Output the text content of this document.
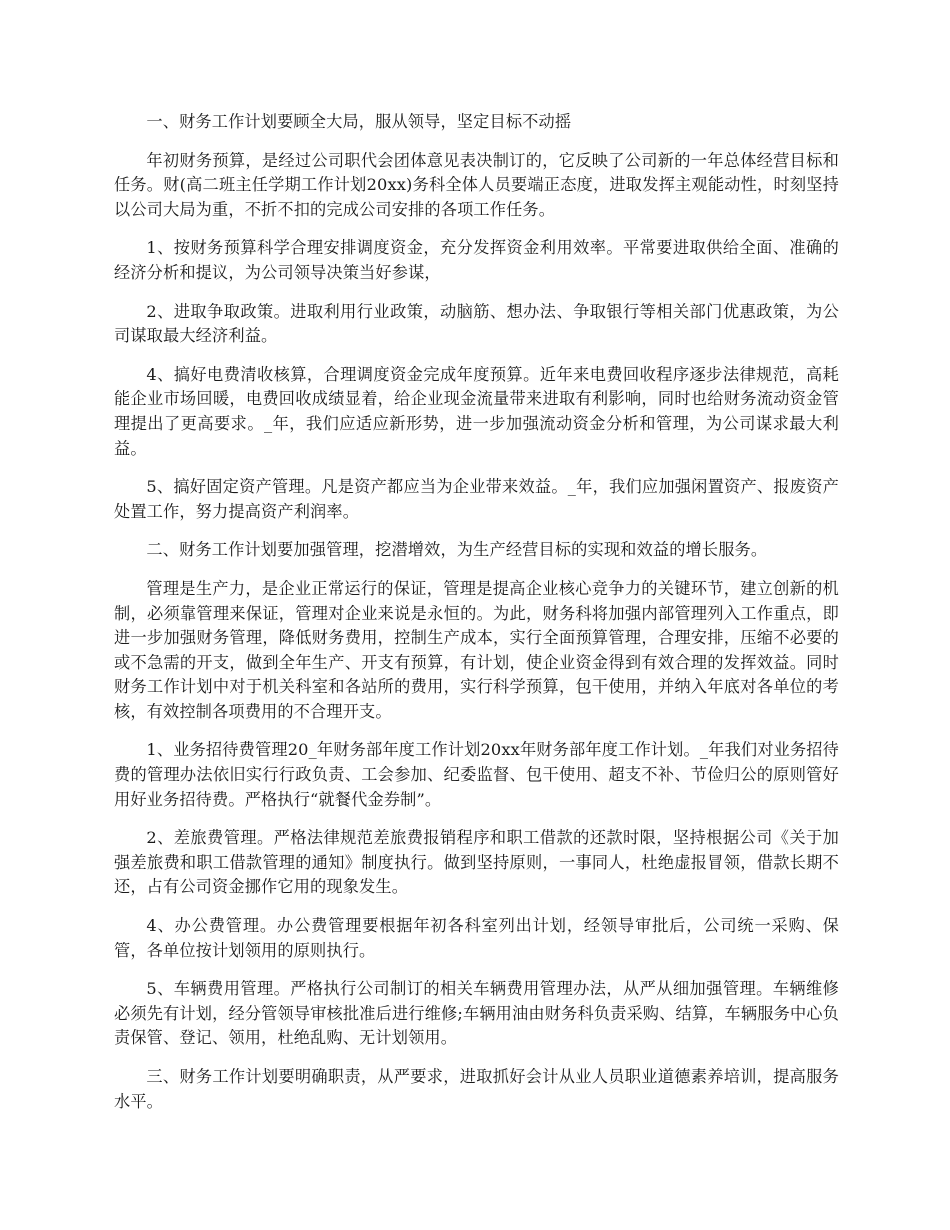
一、财务工作计划要顾全大局，服从领导，坚定目标不动摇

年初财务预算，是经过公司职代会团体意见表决制订的，它反映了公司新的一年总体经营目标和任务。财(高二班主任学期工作计划20xx)务科全体人员要端正态度，进取发挥主观能动性，时刻坚持以公司大局为重，不折不扣的完成公司安排的各项工作任务。

1、按财务预算科学合理安排调度资金，充分发挥资金利用效率。平常要进取供给全面、准确的经济分析和提议，为公司领导决策当好参谋，

2、进取争取政策。进取利用行业政策，动脑筋、想办法、争取银行等相关部门优惠政策，为公司谋取最大经济利益。

4、搞好电费清收核算，合理调度资金完成年度预算。近年来电费回收程序逐步法律规范，高耗能企业市场回暖，电费回收成绩显着，给企业现金流量带来进取有利影响，同时也给财务流动资金管理提出了更高要求。_年，我们应适应新形势，进一步加强流动资金分析和管理，为公司谋求最大利益。

5、搞好固定资产管理。凡是资产都应当为企业带来效益。_年，我们应加强闲置资产、报废资产处置工作，努力提高资产利润率。

二、财务工作计划要加强管理，挖潜增效，为生产经营目标的实现和效益的增长服务。

管理是生产力，是企业正常运行的保证，管理是提高企业核心竞争力的关键环节，建立创新的机制，必须靠管理来保证，管理对企业来说是永恒的。为此，财务科将加强内部管理列入工作重点，即进一步加强财务管理，降低财务费用，控制生产成本，实行全面预算管理，合理安排，压缩不必要的或不急需的开支，做到全年生产、开支有预算，有计划，使企业资金得到有效合理的发挥效益。同时财务工作计划中对于机关科室和各站所的费用，实行科学预算，包干使用，并纳入年底对各单位的考核，有效控制各项费用的不合理开支。

1、业务招待费管理20_年财务部年度工作计划20xx年财务部年度工作计划。_年我们对业务招待费的管理办法依旧实行行政负责、工会参加、纪委监督、包干使用、超支不补、节俭归公的原则管好用好业务招待费。严格执行“就餐代金券制”。

2、差旅费管理。严格法律规范差旅费报销程序和职工借款的还款时限，坚持根据公司《关于加强差旅费和职工借款管理的通知》制度执行。做到坚持原则，一事同人，杜绝虚报冒领，借款长期不还，占有公司资金挪作它用的现象发生。

4、办公费管理。办公费管理要根据年初各科室列出计划，经领导审批后，公司统一采购、保管，各单位按计划领用的原则执行。

5、车辆费用管理。严格执行公司制订的相关车辆费用管理办法，从严从细加强管理。车辆维修必须先有计划，经分管领导审核批准后进行维修;车辆用油由财务科负责采购、结算，车辆服务中心负责保管、登记、领用，杜绝乱购、无计划领用。

三、财务工作计划要明确职责，从严要求，进取抓好会计从业人员职业道德素养培训，提高服务水平。
